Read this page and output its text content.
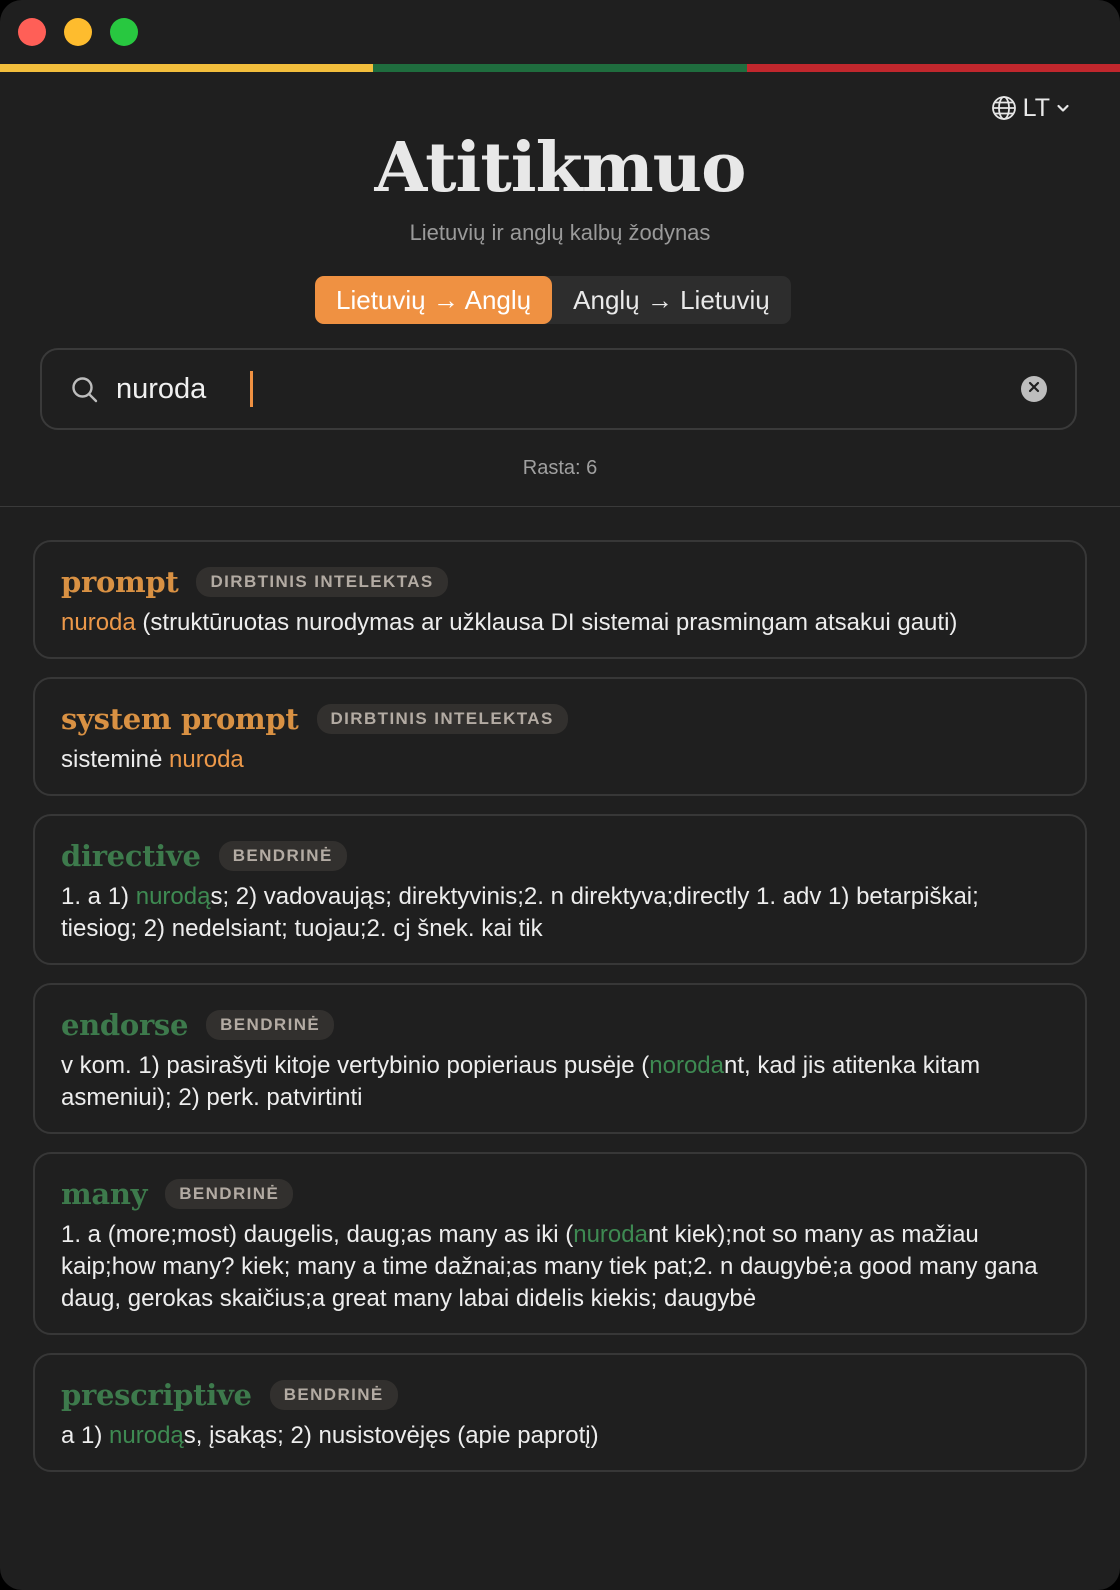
LT
Atitikmuo
Lietuvių ir anglų kalbų žodynas
Lietuvių → Anglų	Anglų → Lietuvių
nuroda
Rasta: 6
prompt	DIRBTINIS INTELEKTAS
nuroda (struktūruotas nurodymas ar užklausa DI sistemai prasmingam atsakui gauti)
system prompt	DIRBTINIS INTELEKTAS
sisteminė nuroda
directive	BENDRINĖ
1. a 1) nurodąs; 2) vadovaująs; direktyvinis;2. n direktyva;directly 1. adv 1) betarpiškai; tiesiog; 2) nedelsiant; tuojau;2. cj šnek. kai tik
endorse	BENDRINĖ
v kom. 1) pasirašyti kitoje vertybinio popieriaus pusėje (norodant, kad jis atitenka kitam asmeniui); 2) perk. patvirtinti
many	BENDRINĖ
1. a (more;most) daugelis, daug;as many as iki (nurodant kiek);not so many as mažiau kaip;how many? kiek; many a time dažnai;as many tiek pat;2. n daugybė;a good many gana daug, gerokas skaičius;a great many labai didelis kiekis; daugybė
prescriptive	BENDRINĖ
a 1) nurodąs, įsakąs; 2) nusistovėjęs (apie paprotį)
